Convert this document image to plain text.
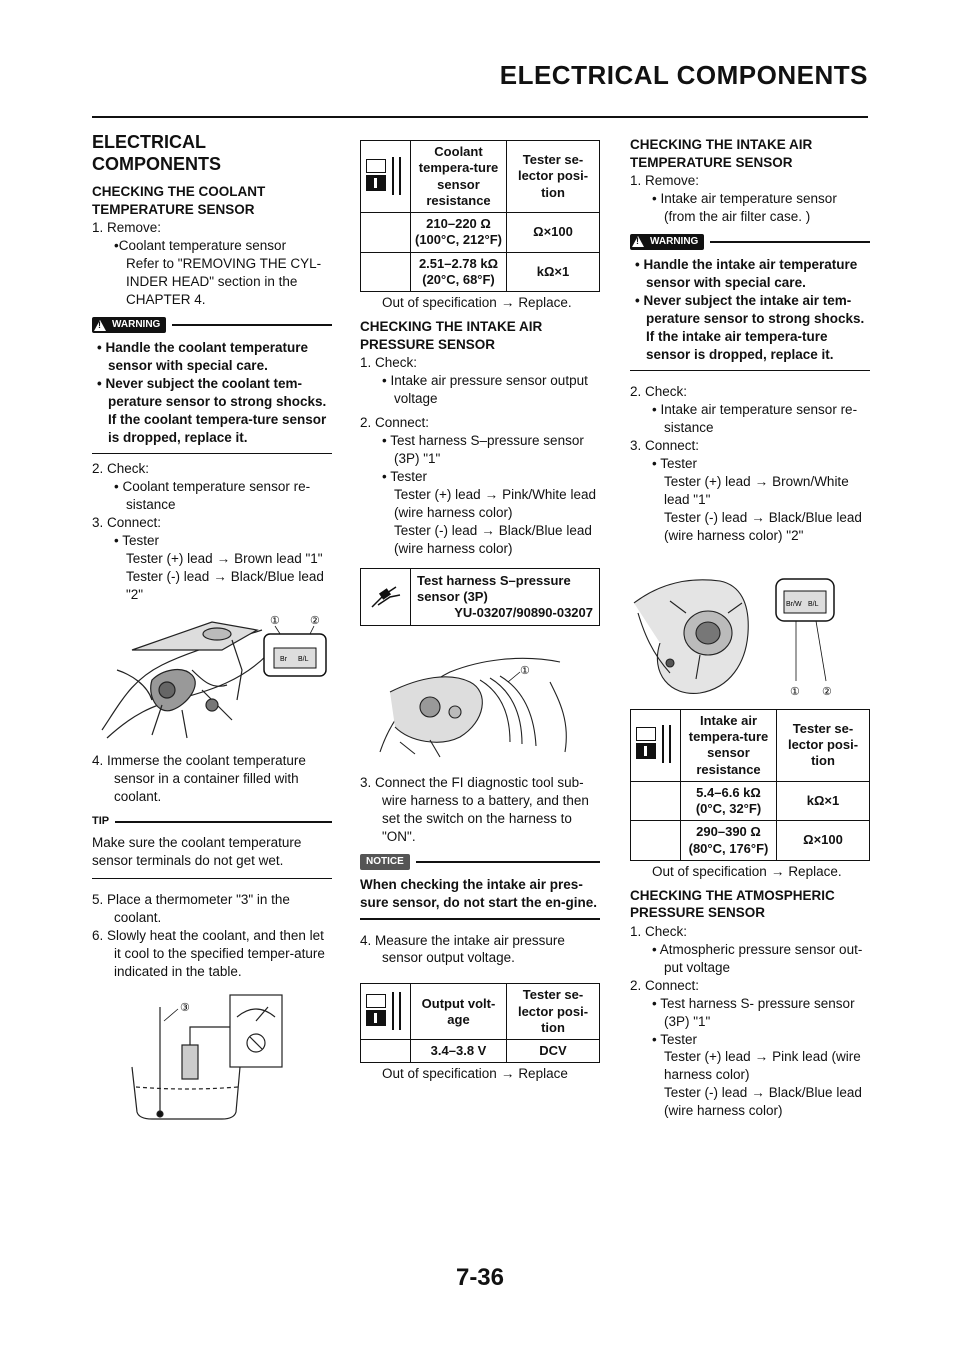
ELECTRICAL COMPONENTS
ELECTRICAL
COMPONENTS
CHECKING THE COOLANT TEMPERATURE SENSOR

1. Remove:

•Coolant temperature sensor

Refer to "REMOVING THE CYL-INDER HEAD" section in the CHAPTER 4.

!
WARNING

• Handle the coolant temperature sensor with special care.

• Never subject the coolant tem-perature sensor to strong shocks. If the coolant tempera-ture sensor is dropped, replace it.

2. Check:

• Coolant temperature sensor re-sistance

3. Connect:

• Tester

Tester (+) lead → Brown lead "1"

Tester (-) lead → Black/Blue lead "2"

①	②
Br B/L

4. Immerse the coolant temperature sensor in a container filled with coolant.

TIP
Make sure the coolant temperature sensor terminals do not get wet.

5. Place a thermometer "3" in the coolant.

6. Slowly heat the coolant, and then let it cool to the specified temper-ature indicated in the table.

③
	Coolant tempera-ture sensor resistance	Tester se-lector posi-tion
	210–220 Ω (100°C, 212°F)	Ω×100
	2.51–2.78 kΩ (20°C, 68°F)	kΩ×1

Out of specification → Replace.

CHECKING THE INTAKE AIR PRESSURE SENSOR

1. Check:

• Intake air pressure sensor output voltage

2. Connect:

• Test harness S–pressure sensor (3P) "1"

• Tester

Tester (+) lead → Pink/White lead (wire harness color)

Tester (-) lead → Black/Blue lead (wire harness color)

Test harness S–pressure sensor (3P)
YU-03207/90890-03207
①

3. Connect the FI diagnostic tool sub-wire harness to a battery, and then set the switch on the harness to "ON".

NOTICE
When checking the intake air pres-sure sensor, do not start the en-gine.

4. Measure the intake air pressure sensor output voltage.

	Output volt-age	Tester se-lector posi-tion
	3.4–3.8 V	DCV

Out of specification → Replace

CHECKING THE INTAKE AIR TEMPERATURE SENSOR

1. Remove:

• Intake air temperature sensor (from the air filter case. )

!
WARNING

• Handle the intake air temperature sensor with special care.

• Never subject the intake air tem-perature sensor to strong shocks. If the intake air tempera-ture sensor is dropped, replace it.

2. Check:

• Intake air temperature sensor re-sistance

3. Connect:

• Tester

Tester (+) lead → Brown/White lead "1"

Tester (-) lead → Black/Blue lead (wire harness color) "2"

Br/W B/L
① ②
	Intake air tempera-ture sensor resistance	Tester se-lector posi-tion
	5.4–6.6 kΩ (0°C, 32°F)	kΩ×1
	290–390 Ω (80°C, 176°F)	Ω×100

Out of specification → Replace.

CHECKING THE ATMOSPHERIC PRESSURE SENSOR

1. Check:

• Atmospheric pressure sensor out-put voltage

2. Connect:

• Test harness S- pressure sensor (3P) "1"

• Tester

Tester (+) lead → Pink lead (wire harness color)

Tester (-) lead → Black/Blue lead (wire harness color)

7-36
